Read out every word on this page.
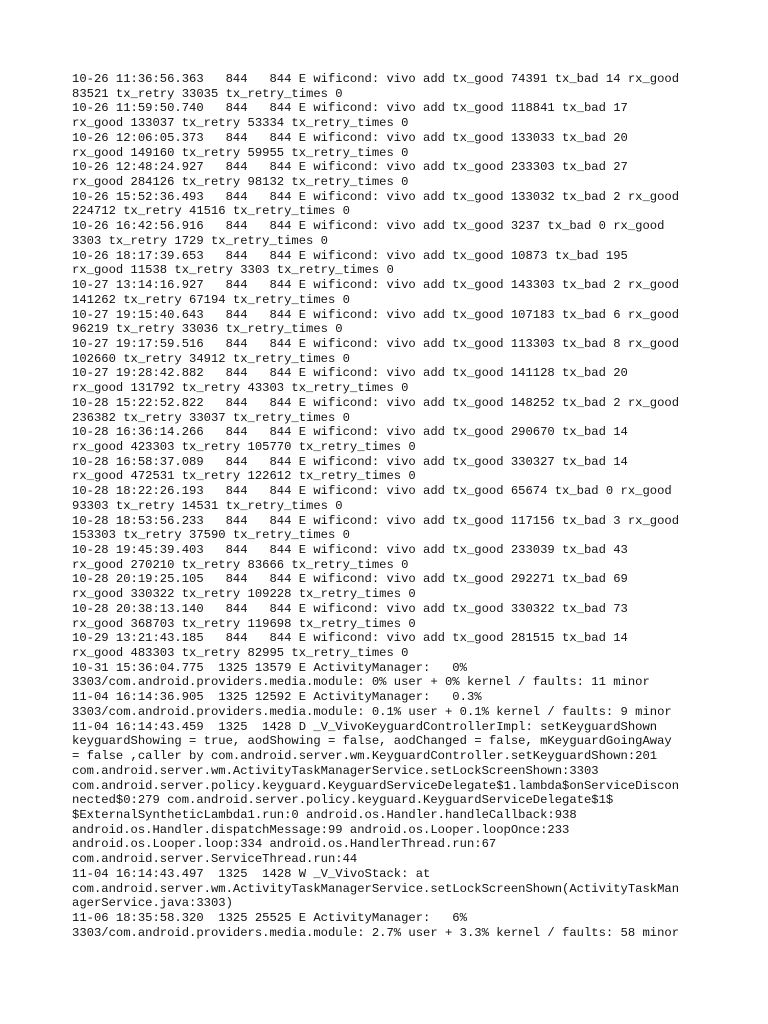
10-26 11:36:56.363   844   844 E wificond: vivo add tx_good 74391 tx_bad 14 rx_good
83521 tx_retry 33035 tx_retry_times 0
10-26 11:59:50.740   844   844 E wificond: vivo add tx_good 118841 tx_bad 17
rx_good 133037 tx_retry 53334 tx_retry_times 0
10-26 12:06:05.373   844   844 E wificond: vivo add tx_good 133033 tx_bad 20
rx_good 149160 tx_retry 59955 tx_retry_times 0
10-26 12:48:24.927   844   844 E wificond: vivo add tx_good 233303 tx_bad 27
rx_good 284126 tx_retry 98132 tx_retry_times 0
10-26 15:52:36.493   844   844 E wificond: vivo add tx_good 133032 tx_bad 2 rx_good
224712 tx_retry 41516 tx_retry_times 0
10-26 16:42:56.916   844   844 E wificond: vivo add tx_good 3237 tx_bad 0 rx_good
3303 tx_retry 1729 tx_retry_times 0
10-26 18:17:39.653   844   844 E wificond: vivo add tx_good 10873 tx_bad 195
rx_good 11538 tx_retry 3303 tx_retry_times 0
10-27 13:14:16.927   844   844 E wificond: vivo add tx_good 143303 tx_bad 2 rx_good
141262 tx_retry 67194 tx_retry_times 0
10-27 19:15:40.643   844   844 E wificond: vivo add tx_good 107183 tx_bad 6 rx_good
96219 tx_retry 33036 tx_retry_times 0
10-27 19:17:59.516   844   844 E wificond: vivo add tx_good 113303 tx_bad 8 rx_good
102660 tx_retry 34912 tx_retry_times 0
10-27 19:28:42.882   844   844 E wificond: vivo add tx_good 141128 tx_bad 20
rx_good 131792 tx_retry 43303 tx_retry_times 0
10-28 15:22:52.822   844   844 E wificond: vivo add tx_good 148252 tx_bad 2 rx_good
236382 tx_retry 33037 tx_retry_times 0
10-28 16:36:14.266   844   844 E wificond: vivo add tx_good 290670 tx_bad 14
rx_good 423303 tx_retry 105770 tx_retry_times 0
10-28 16:58:37.089   844   844 E wificond: vivo add tx_good 330327 tx_bad 14
rx_good 472531 tx_retry 122612 tx_retry_times 0
10-28 18:22:26.193   844   844 E wificond: vivo add tx_good 65674 tx_bad 0 rx_good
93303 tx_retry 14531 tx_retry_times 0
10-28 18:53:56.233   844   844 E wificond: vivo add tx_good 117156 tx_bad 3 rx_good
153303 tx_retry 37590 tx_retry_times 0
10-28 19:45:39.403   844   844 E wificond: vivo add tx_good 233039 tx_bad 43
rx_good 270210 tx_retry 83666 tx_retry_times 0
10-28 20:19:25.105   844   844 E wificond: vivo add tx_good 292271 tx_bad 69
rx_good 330322 tx_retry 109228 tx_retry_times 0
10-28 20:38:13.140   844   844 E wificond: vivo add tx_good 330322 tx_bad 73
rx_good 368703 tx_retry 119698 tx_retry_times 0
10-29 13:21:43.185   844   844 E wificond: vivo add tx_good 281515 tx_bad 14
rx_good 483303 tx_retry 82995 tx_retry_times 0
10-31 15:36:04.775  1325 13579 E ActivityManager:   0%
3303/com.android.providers.media.module: 0% user + 0% kernel / faults: 11 minor
11-04 16:14:36.905  1325 12592 E ActivityManager:   0.3%
3303/com.android.providers.media.module: 0.1% user + 0.1% kernel / faults: 9 minor
11-04 16:14:43.459  1325  1428 D _V_VivoKeyguardControllerImpl: setKeyguardShown
keyguardShowing = true, aodShowing = false, aodChanged = false, mKeyguardGoingAway
= false ,caller by com.android.server.wm.KeyguardController.setKeyguardShown:201
com.android.server.wm.ActivityTaskManagerService.setLockScreenShown:3303
com.android.server.policy.keyguard.KeyguardServiceDelegate$1.lambda$onServiceDiscon
nected$0:279 com.android.server.policy.keyguard.KeyguardServiceDelegate$1$
$ExternalSyntheticLambda1.run:0 android.os.Handler.handleCallback:938
android.os.Handler.dispatchMessage:99 android.os.Looper.loopOnce:233
android.os.Looper.loop:334 android.os.HandlerThread.run:67
com.android.server.ServiceThread.run:44
11-04 16:14:43.497  1325  1428 W _V_VivoStack: at
com.android.server.wm.ActivityTaskManagerService.setLockScreenShown(ActivityTaskMan
agerService.java:3303)
11-06 18:35:58.320  1325 25525 E ActivityManager:   6%
3303/com.android.providers.media.module: 2.7% user + 3.3% kernel / faults: 58 minor
